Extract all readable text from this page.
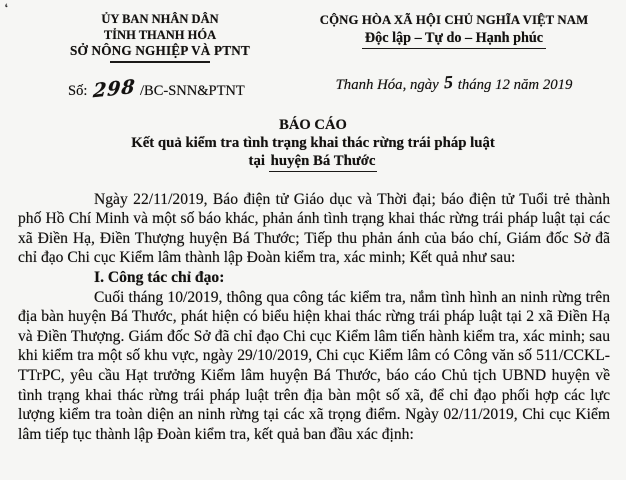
‘
ỦY BAN NHÂN DÂN
TỈNH THANH HÓA
SỞ NÔNG NGHIỆP VÀ PTNT
Số: 298 /BC-SNN&PTNT
CỘNG HÒA XÃ HỘI CHỦ NGHĨA VIỆT NAM
Độc lập – Tự do – Hạnh phúc
Thanh Hóa, ngày 5 tháng 12 năm 2019
BÁO CÁO
Kết quả kiểm tra tình trạng khai thác rừng trái pháp luật
tại huyện Bá Thước

Ngày 22/11/2019, Báo điện tử Giáo dục và Thời đại; báo điện tử Tuổi trẻ thành phố Hồ Chí Minh và một số báo khác, phản ánh tình trạng khai thác rừng trái pháp luật tại các xã Điền Hạ, Điền Thượng huyện Bá Thước; Tiếp thu phản ánh của báo chí, Giám đốc Sở đã chỉ đạo Chi cục Kiểm lâm thành lập Đoàn kiểm tra, xác minh; Kết quả như sau:

I. Công tác chỉ đạo:

Cuối tháng 10/2019, thông qua công tác kiểm tra, nắm tình hình an ninh rừng trên địa bàn huyện Bá Thước, phát hiện có biểu hiện khai thác rừng trái pháp luật tại 2 xã Điền Hạ và Điền Thượng. Giám đốc Sở đã chỉ đạo Chi cục Kiểm lâm tiến hành kiểm tra, xác minh; sau khi kiểm tra một số khu vực, ngày 29/10/2019, Chi cục Kiểm lâm có Công văn số 511/CCKL-TTrPC, yêu cầu Hạt trưởng Kiểm lâm huyện Bá Thước, báo cáo Chủ tịch UBND huyện về tình trạng khai thác rừng trái pháp luật trên địa bàn một số xã, để chỉ đạo phối hợp các lực lượng kiểm tra toàn diện an ninh rừng tại các xã trọng điểm. Ngày 02/11/2019, Chi cục Kiểm lâm tiếp tục thành lập Đoàn kiểm tra, kết quả ban đầu xác định:
